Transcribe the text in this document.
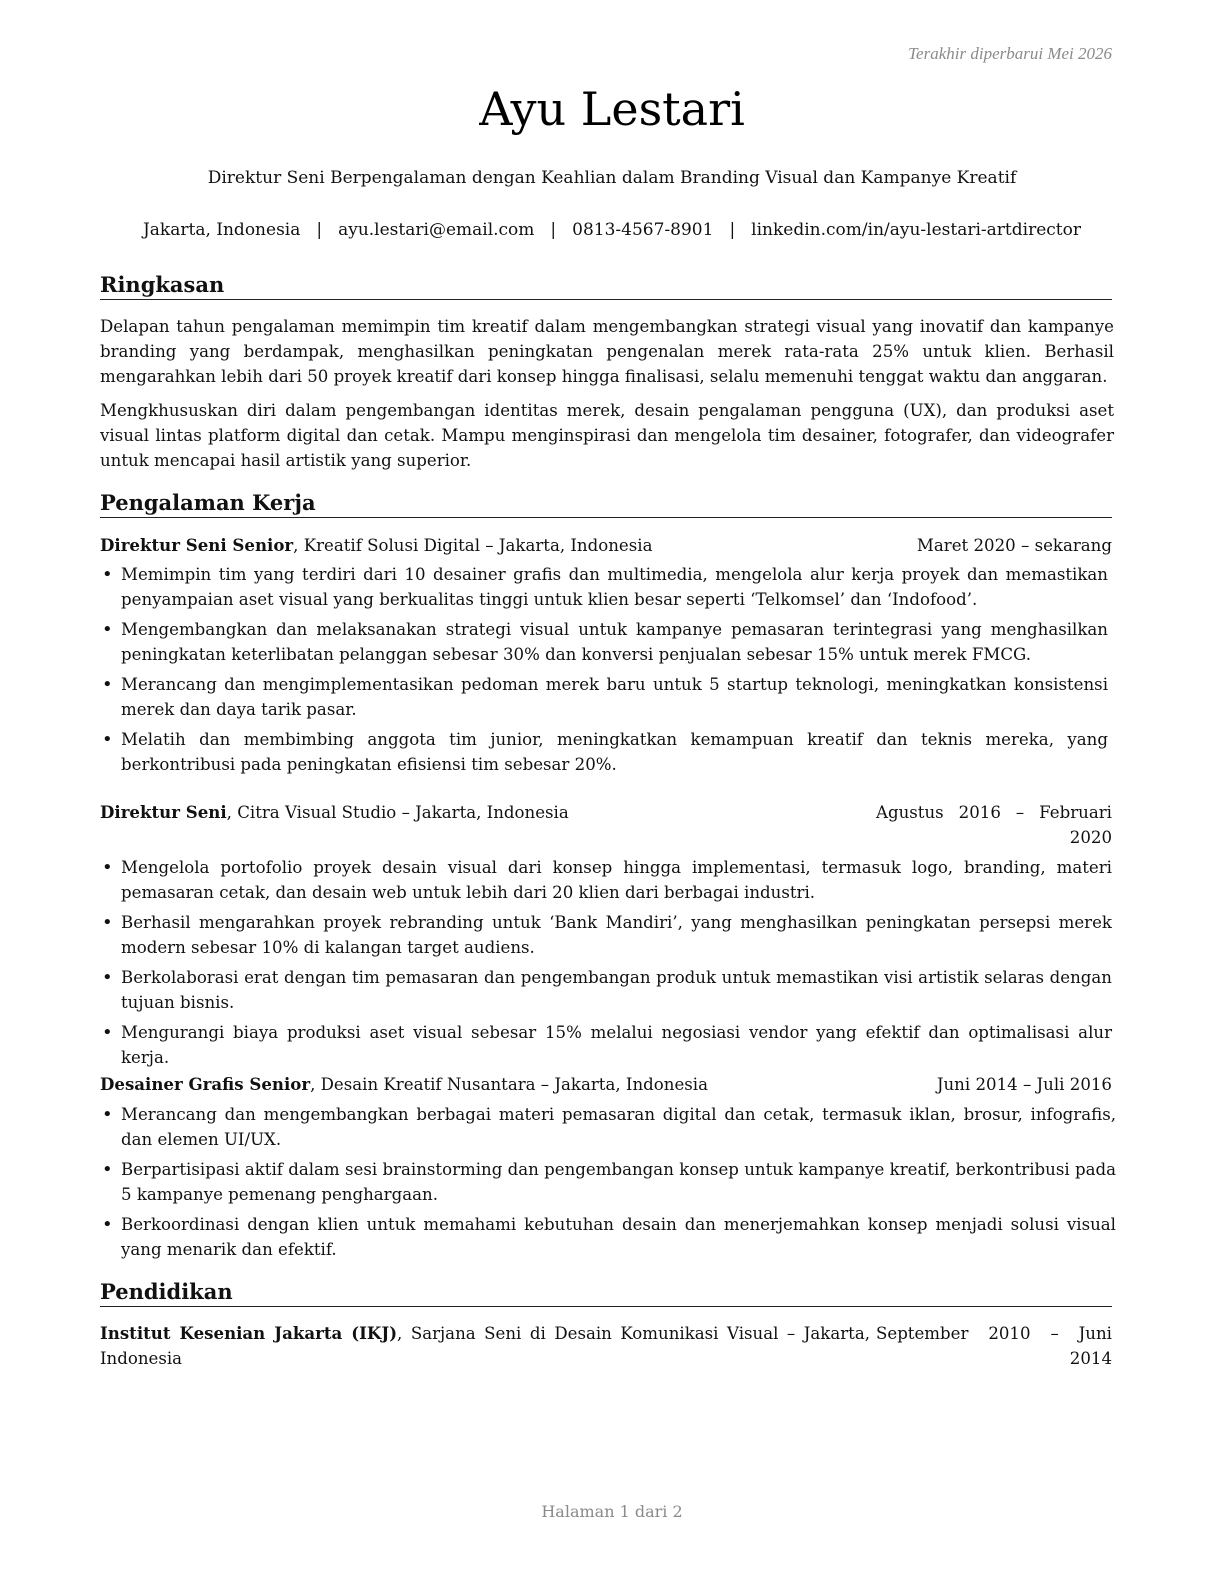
Terakhir diperbarui Mei 2026
Ayu Lestari
Direktur Seni Berpengalaman dengan Keahlian dalam Branding Visual dan Kampanye Kreatif
Jakarta, Indonesia | ayu.lestari@email.com | 0813-4567-8901 | linkedin.com/in/ayu-lestari-artdirector
Ringkasan

Delapan tahun pengalaman memimpin tim kreatif dalam mengembangkan strategi visual yang inovatif dan kampanye branding yang berdampak, menghasilkan peningkatan pengenalan merek rata-rata 25% untuk klien. Berhasil mengarahkan lebih dari 50 proyek kreatif dari konsep hingga finalisasi, selalu memenuhi tenggat waktu dan anggaran.

Mengkhususkan diri dalam pengembangan identitas merek, desain pengalaman pengguna (UX), dan produksi aset visual lintas platform digital dan cetak. Mampu menginspirasi dan mengelola tim desainer, fotografer, dan videografer untuk mencapai hasil artistik yang superior.

Pengalaman Kerja
Direktur Seni Senior, Kreatif Solusi Digital – Jakarta, Indonesia	Maret 2020 – sekarang
• Memimpin tim yang terdiri dari 10 desainer grafis dan multimedia, mengelola alur kerja proyek dan memastikan penyampaian aset visual yang berkualitas tinggi untuk klien besar seperti ‘Telkomsel’ dan ‘Indofood’.
• Mengembangkan dan melaksanakan strategi visual untuk kampanye pemasaran terintegrasi yang menghasilkan peningkatan keterlibatan pelanggan sebesar 30% dan konversi penjualan sebesar 15% untuk merek FMCG.
• Merancang dan mengimplementasikan pedoman merek baru untuk 5 startup teknologi, meningkatkan konsistensi merek dan daya tarik pasar.
• Melatih dan membimbing anggota tim junior, meningkatkan kemampuan kreatif dan teknis mereka, yang berkontribusi pada peningkatan efisiensi tim sebesar 20%.
Direktur Seni, Citra Visual Studio – Jakarta, Indonesia	Agustus 2016 – Februari
2020
• Mengelola portofolio proyek desain visual dari konsep hingga implementasi, termasuk logo, branding, materi pemasaran cetak, dan desain web untuk lebih dari 20 klien dari berbagai industri.
• Berhasil mengarahkan proyek rebranding untuk ‘Bank Mandiri’, yang menghasilkan peningkatan persepsi merek modern sebesar 10% di kalangan target audiens.
• Berkolaborasi erat dengan tim pemasaran dan pengembangan produk untuk memastikan visi artistik selaras dengan tujuan bisnis.
• Mengurangi biaya produksi aset visual sebesar 15% melalui negosiasi vendor yang efektif dan optimalisasi alur kerja.
Desainer Grafis Senior, Desain Kreatif Nusantara – Jakarta, Indonesia	Juni 2014 – Juli 2016
• Merancang dan mengembangkan berbagai materi pemasaran digital dan cetak, termasuk iklan, brosur, infografis, dan elemen UI/UX.
• Berpartisipasi aktif dalam sesi brainstorming dan pengembangan konsep untuk kampanye kreatif, berkontribusi pada 5 kampanye pemenang penghargaan.
• Berkoordinasi dengan klien untuk memahami kebutuhan desain dan menerjemahkan konsep menjadi solusi visual yang menarik dan efektif.
Pendidikan
Institut Kesenian Jakarta (IKJ), Sarjana Seni di Desain Komunikasi Visual – Jakarta, Indonesia
September 2010 – Juni
2014
Halaman 1 dari 2
